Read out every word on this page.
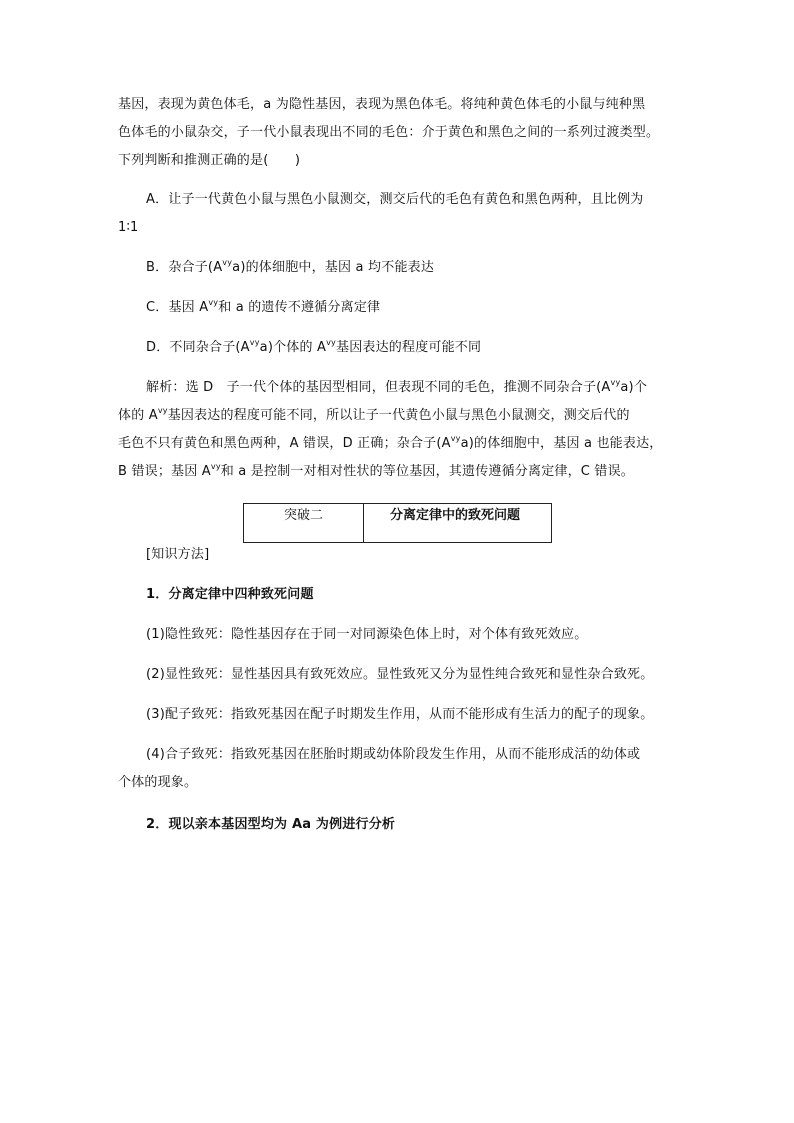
基因，表现为黄色体毛，a 为隐性基因，表现为黑色体毛。将纯种黄色体毛的小鼠与纯种黑
色体毛的小鼠杂交，子一代小鼠表现出不同的毛色：介于黄色和黑色之间的一系列过渡类型。
下列判断和推测正确的是(　　)
A．让子一代黄色小鼠与黑色小鼠测交，测交后代的毛色有黄色和黑色两种，且比例为
1∶1
B．杂合子$(A^{vy}a)$的体细胞中，基因 a 均不能表达
C．基因 $A^{vy}$和 a 的遗传不遵循分离定律
D．不同杂合子$(A^{vy}a)$个体的 $A^{vy}$基因表达的程度可能不同
解析：选 D　子一代个体的基因型相同，但表现不同的毛色，推测不同杂合子$(A^{vy}a)$个
体的 $A^{vy}$基因表达的程度可能不同，所以让子一代黄色小鼠与黑色小鼠测交，测交后代的
毛色不只有黄色和黑色两种，A 错误，D 正确；杂合子$(A^{vy}a)$的体细胞中，基因 a 也能表达，
B 错误；基因 $A^{vy}$和 a 是控制一对相对性状的等位基因，其遗传遵循分离定律，C 错误。
突破二	分离定律中的致死问题
[知识方法]
1．分离定律中四种致死问题
(1)隐性致死：隐性基因存在于同一对同源染色体上时，对个体有致死效应。
(2)显性致死：显性基因具有致死效应。显性致死又分为显性纯合致死和显性杂合致死。
(3)配子致死：指致死基因在配子时期发生作用，从而不能形成有生活力的配子的现象。
(4)合子致死：指致死基因在胚胎时期或幼体阶段发生作用，从而不能形成活的幼体或
个体的现象。
2．现以亲本基因型均为 Aa 为例进行分析
